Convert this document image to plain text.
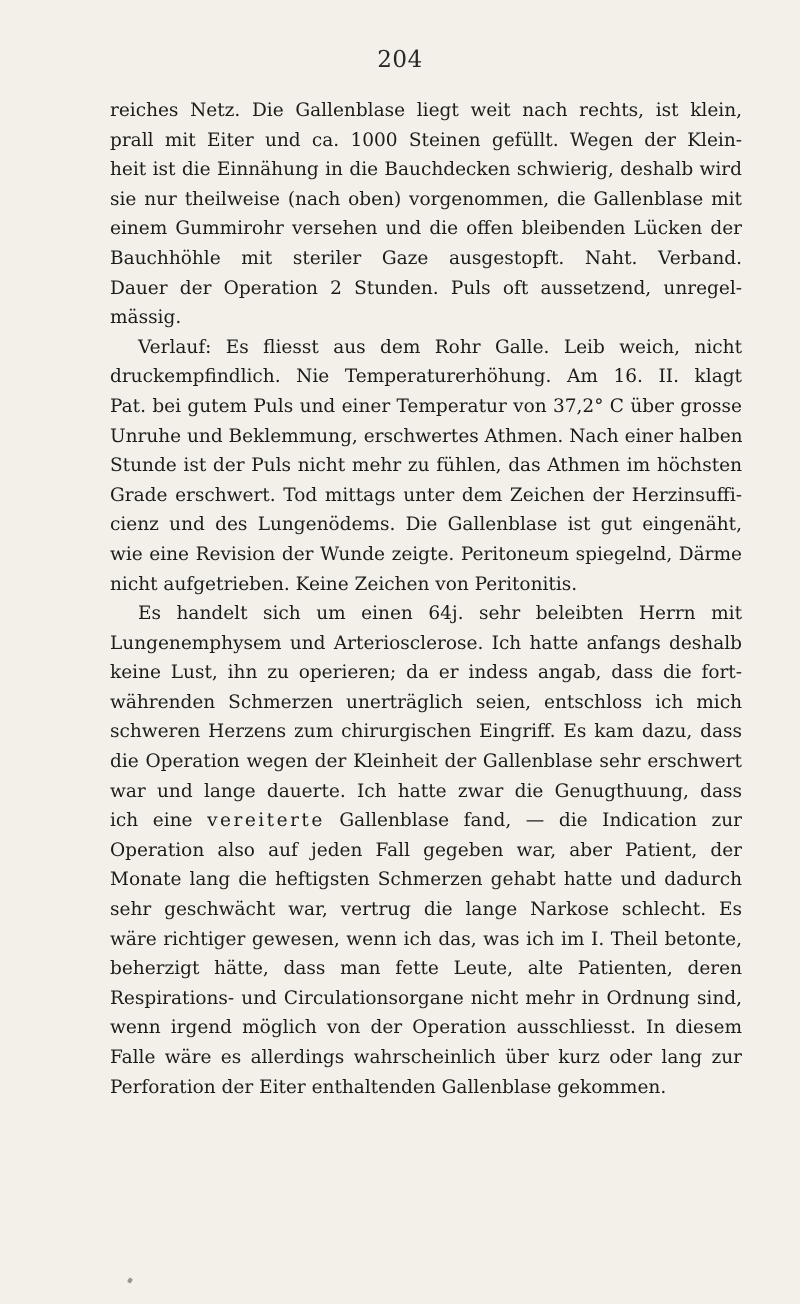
204
reiches Netz. Die Gallenblase liegt weit nach rechts, ist klein,
prall mit Eiter und ca. 1000 Steinen gefüllt. Wegen der Klein-
heit ist die Einnähung in die Bauchdecken schwierig, deshalb wird
sie nur theilweise (nach oben) vorgenommen, die Gallenblase mit
einem Gummirohr versehen und die offen bleibenden Lücken der
Bauchhöhle mit steriler Gaze ausgestopft. Naht. Verband.
Dauer der Operation 2 Stunden. Puls oft aussetzend, unregel-
mässig.
Verlauf: Es fliesst aus dem Rohr Galle. Leib weich, nicht
druckempfindlich. Nie Temperaturerhöhung. Am 16. II. klagt
Pat. bei gutem Puls und einer Temperatur von 37,2° C über grosse
Unruhe und Beklemmung, erschwertes Athmen. Nach einer halben
Stunde ist der Puls nicht mehr zu fühlen, das Athmen im höchsten
Grade erschwert. Tod mittags unter dem Zeichen der Herzinsuffi-
cienz und des Lungenödems. Die Gallenblase ist gut eingenäht,
wie eine Revision der Wunde zeigte. Peritoneum spiegelnd, Därme
nicht aufgetrieben. Keine Zeichen von Peritonitis.
Es handelt sich um einen 64j. sehr beleibten Herrn mit
Lungenemphysem und Arteriosclerose. Ich hatte anfangs deshalb
keine Lust, ihn zu operieren; da er indess angab, dass die fort-
währenden Schmerzen unerträglich seien, entschloss ich mich
schweren Herzens zum chirurgischen Eingriff. Es kam dazu, dass
die Operation wegen der Kleinheit der Gallenblase sehr erschwert
war und lange dauerte. Ich hatte zwar die Genugthuung, dass
ich eine vereiterte Gallenblase fand, — die Indication zur
Operation also auf jeden Fall gegeben war, aber Patient, der
Monate lang die heftigsten Schmerzen gehabt hatte und dadurch
sehr geschwächt war, vertrug die lange Narkose schlecht. Es
wäre richtiger gewesen, wenn ich das, was ich im I. Theil betonte,
beherzigt hätte, dass man fette Leute, alte Patienten, deren
Respirations- und Circulationsorgane nicht mehr in Ordnung sind,
wenn irgend möglich von der Operation ausschliesst. In diesem
Falle wäre es allerdings wahrscheinlich über kurz oder lang zur
Perforation der Eiter enthaltenden Gallenblase gekommen.
